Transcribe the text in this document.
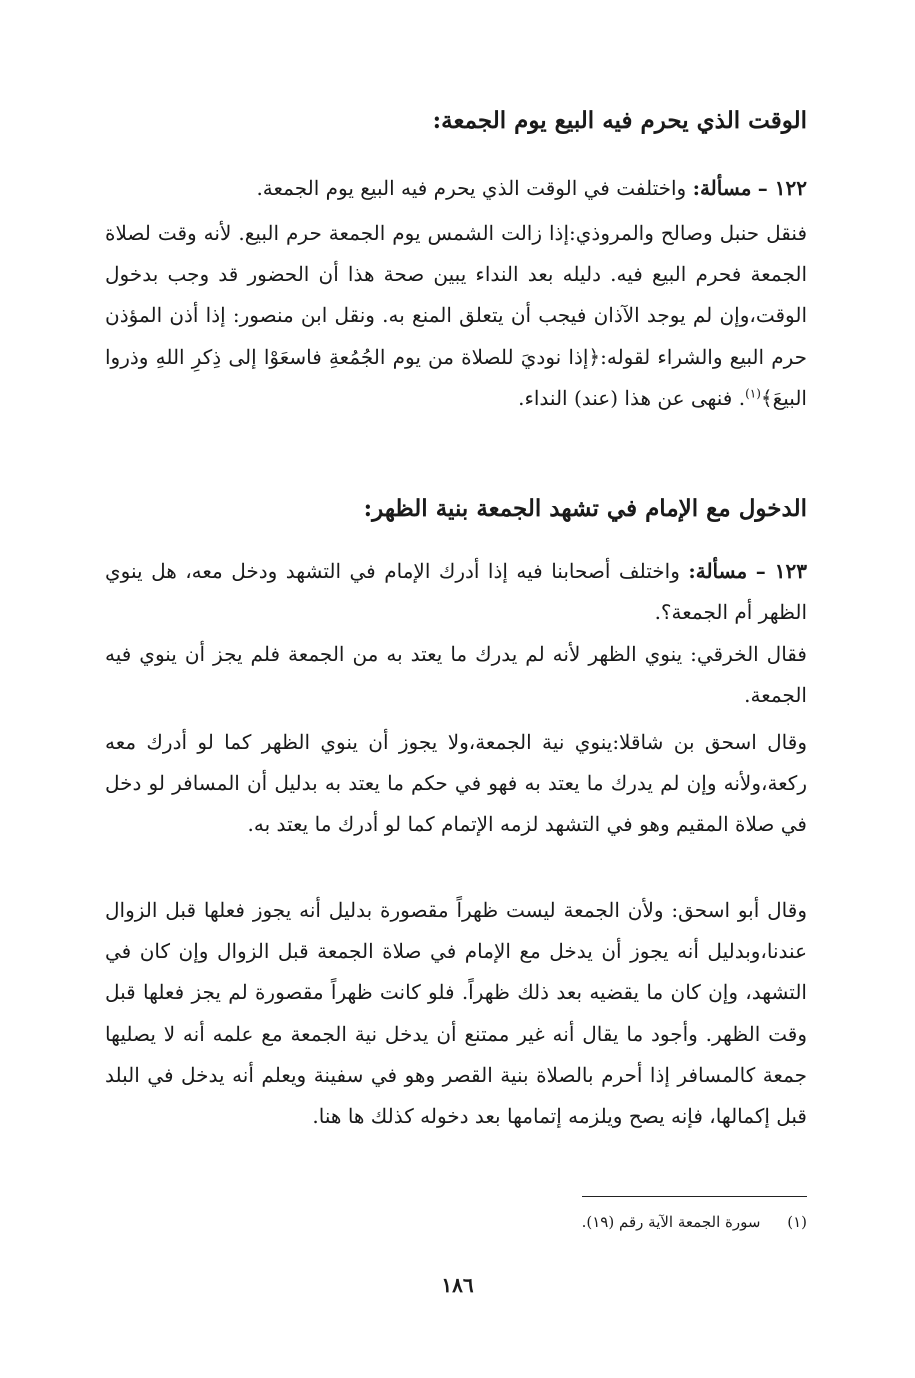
الوقت الذي يحرم فيه البيع يوم الجمعة:
١٢٢ – مسألة: واختلفت في الوقت الذي يحرم فيه البيع يوم الجمعة.
فنقل حنبل وصالح والمروذي:إذا زالت الشمس يوم الجمعة حرم البيع. لأنه وقت لصلاة الجمعة فحرم البيع فيه. دليله بعد النداء يبين صحة هذا أن الحضور قد وجب بدخول الوقت،وإن لم يوجد الآذان فيجب أن يتعلق المنع به. ونقل ابن منصور: إذا أذن المؤذن حرم البيع والشراء لقوله:﴿إذا نوديَ للصلاة من يوم الجُمُعةِ فاسعَوْا إلى ذِكرِ اللهِ وذروا البيعَ﴾$^{(١)}$. فنهى عن هذا (عند) النداء.
الدخول مع الإمام في تشهد الجمعة بنية الظهر:
١٢٣ – مسألة: واختلف أصحابنا فيه إذا أدرك الإمام في التشهد ودخل معه، هل ينوي الظهر أم الجمعة؟.
فقال الخرقي: ينوي الظهر لأنه لم يدرك ما يعتد به من الجمعة فلم يجز أن ينوي فيه الجمعة.
وقال اسحق بن شاقلا:ينوي نية الجمعة،ولا يجوز أن ينوي الظهر كما لو أدرك معه ركعة،ولأنه وإن لم يدرك ما يعتد به فهو في حكم ما يعتد به بدليل أن المسافر لو دخل في صلاة المقيم وهو في التشهد لزمه الإتمام كما لو أدرك ما يعتد به.
وقال أبو اسحق: ولأن الجمعة ليست ظهراً مقصورة بدليل أنه يجوز فعلها قبل الزوال عندنا،وبدليل أنه يجوز أن يدخل مع الإمام في صلاة الجمعة قبل الزوال وإن كان في التشهد، وإن كان ما يقضيه بعد ذلك ظهراً. فلو كانت ظهراً مقصورة لم يجز فعلها قبل وقت الظهر. وأجود ما يقال أنه غير ممتنع أن يدخل نية الجمعة مع علمه أنه لا يصليها جمعة كالمسافر إذا أحرم بالصلاة بنية القصر وهو في سفينة ويعلم أنه يدخل في البلد قبل إكمالها، فإنه يصح ويلزمه إتمامها بعد دخوله كذلك ها هنا.
(١) سورة الجمعة الآية رقم (١٩).
١٨٦
